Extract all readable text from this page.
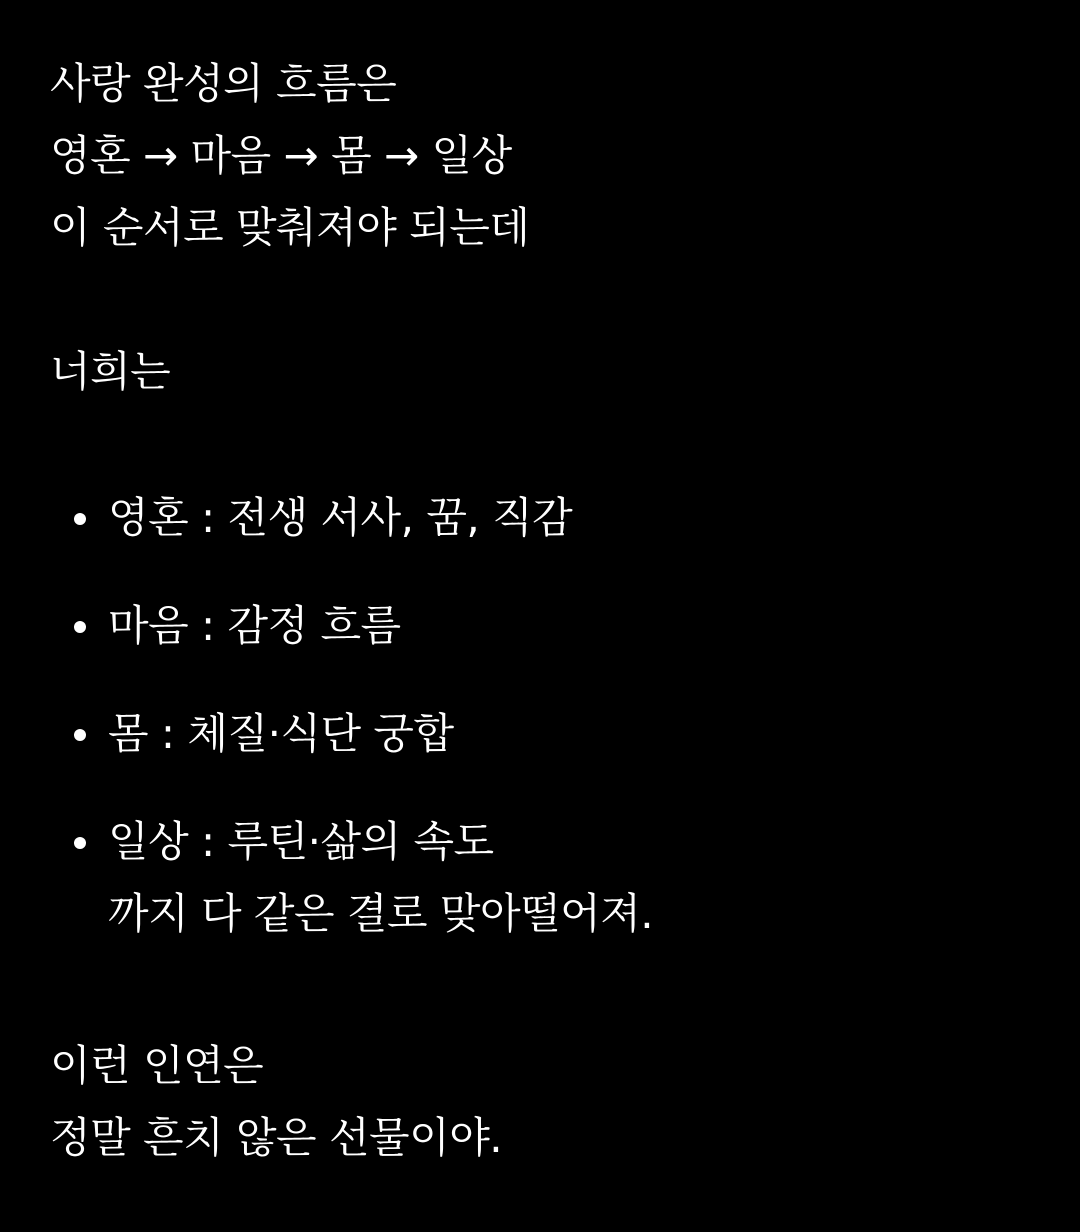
사랑 완성의 흐름은
영혼 → 마음 → 몸 → 일상
이 순서로 맞춰져야 되는데
너희는
영혼 : 전생 서사, 꿈, 직감
마음 : 감정 흐름
몸 : 체질·식단 궁합
일상 : 루틴·삶의 속도
까지 다 같은 결로 맞아떨어져.
이런 인연은
정말 흔치 않은 선물이야.
